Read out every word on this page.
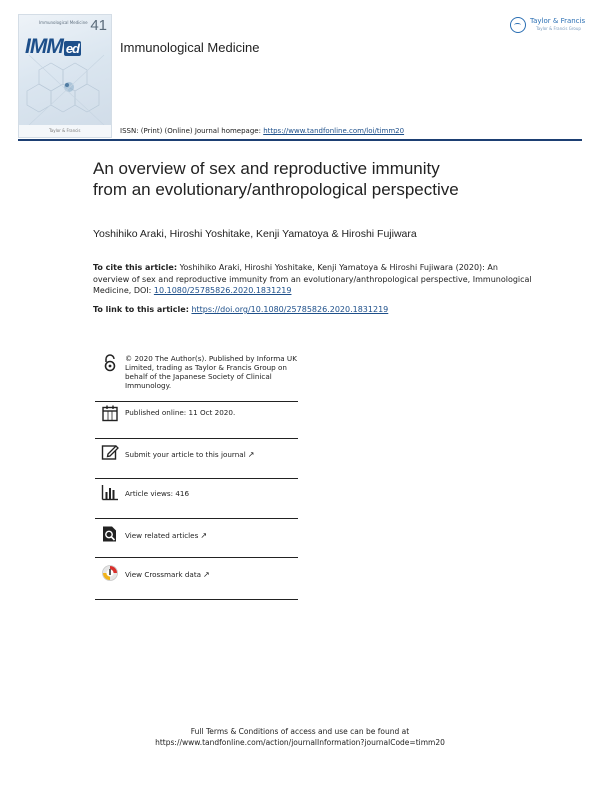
Immunological Medicine 41
IMM ed
Taylor & Francis
Immunological Medicine
Taylor & Francis
Taylor & Francis Group
ISSN: (Print) (Online) Journal homepage: https://www.tandfonline.com/loi/timm20
An overview of sex and reproductive immunity
from an evolutionary/anthropological perspective
Yoshihiko Araki, Hiroshi Yoshitake, Kenji Yamatoya & Hiroshi Fujiwara
To cite this article: Yoshihiko Araki, Hiroshi Yoshitake, Kenji Yamatoya & Hiroshi Fujiwara (2020): An overview of sex and reproductive immunity from an evolutionary/anthropological perspective, Immunological Medicine, DOI: 10.1080/25785826.2020.1831219
To link to this article: https://doi.org/10.1080/25785826.2020.1831219
© 2020 The Author(s). Published by Informa UK Limited, trading as Taylor & Francis Group on behalf of the Japanese Society of Clinical Immunology.
Published online: 11 Oct 2020.
Submit your article to this journal ↗
Article views: 416
View related articles ↗
View Crossmark data ↗
Full Terms & Conditions of access and use can be found at
https://www.tandfonline.com/action/journalInformation?journalCode=timm20
